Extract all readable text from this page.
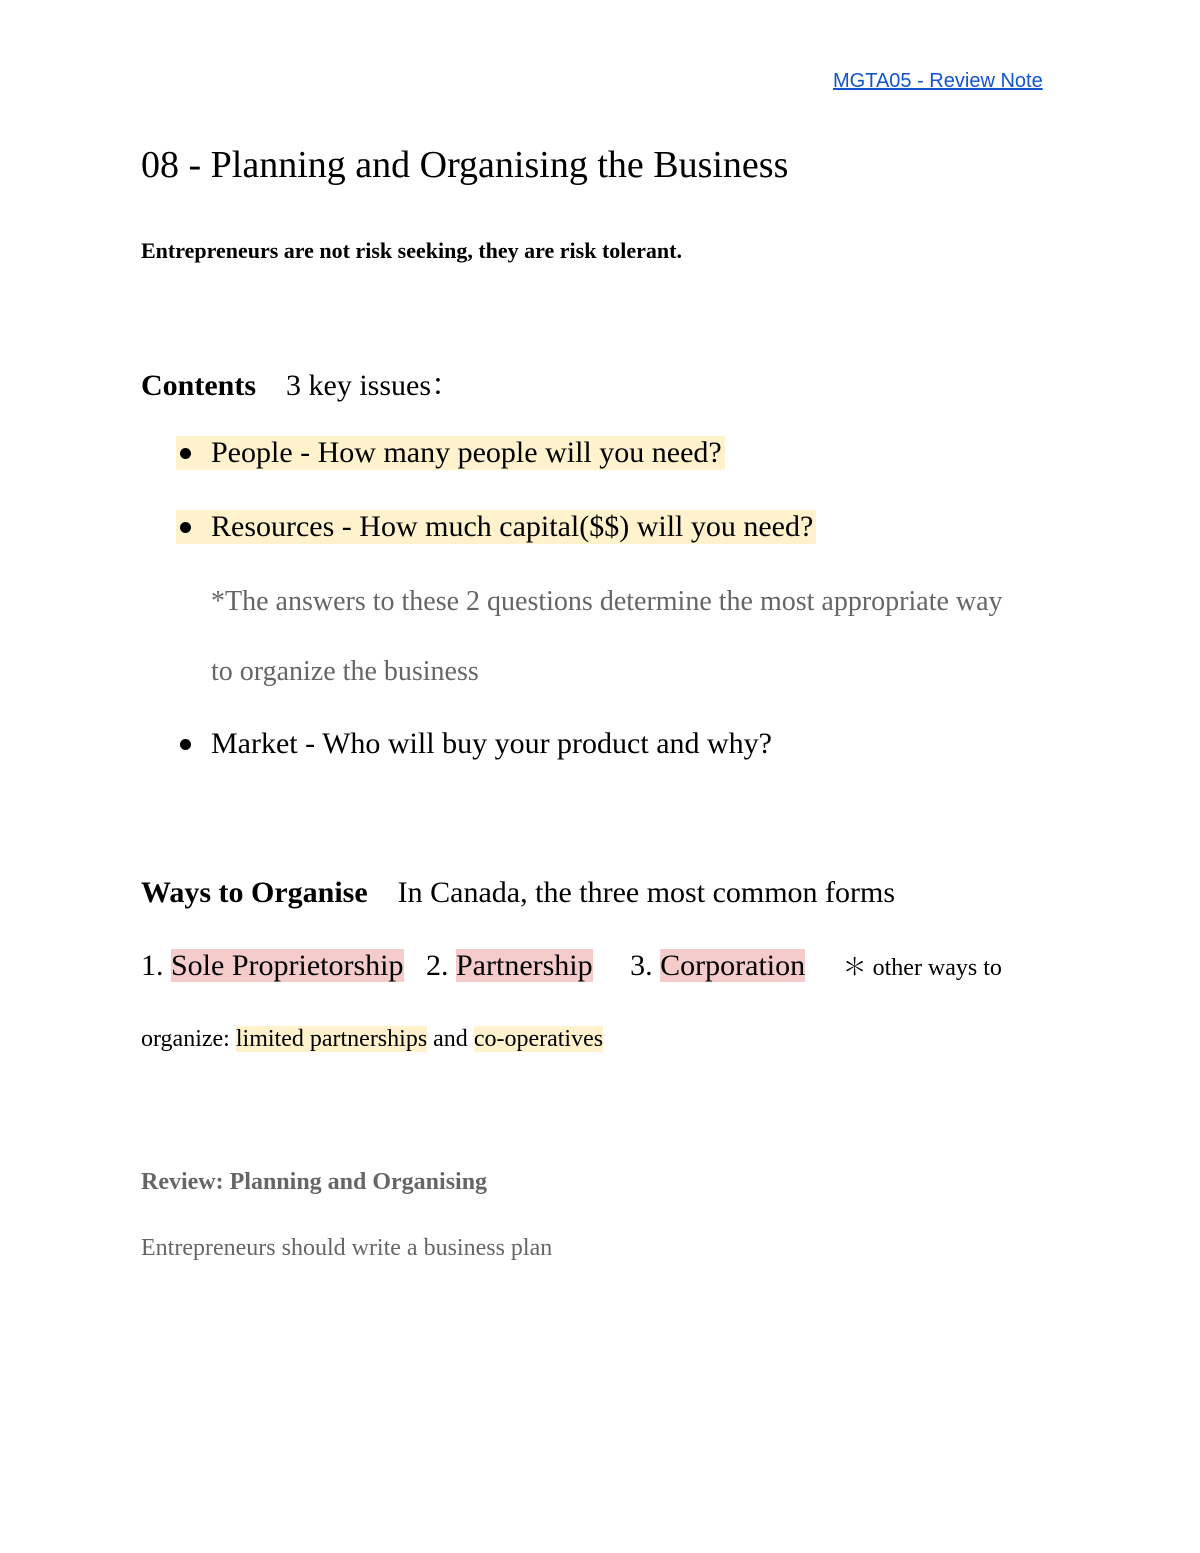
MGTA05 - Review Note
08 - Planning and Organising the Business

Entrepreneurs are not risk seeking, they are risk tolerant.

Contents 3 key issues：

People - How many people will you need?

Resources - How much capital($$) will you need?

*The answers to these 2 questions determine the most appropriate way

to organize the business

Market - Who will buy your product and why?

Ways to Organise In Canada, the three most common forms

1. Sole Proprietorship 2. Partnership 3. Corporation ＊ other ways to

organize: limited partnerships and co-operatives

Review: Planning and Organising

Entrepreneurs should write a business plan
